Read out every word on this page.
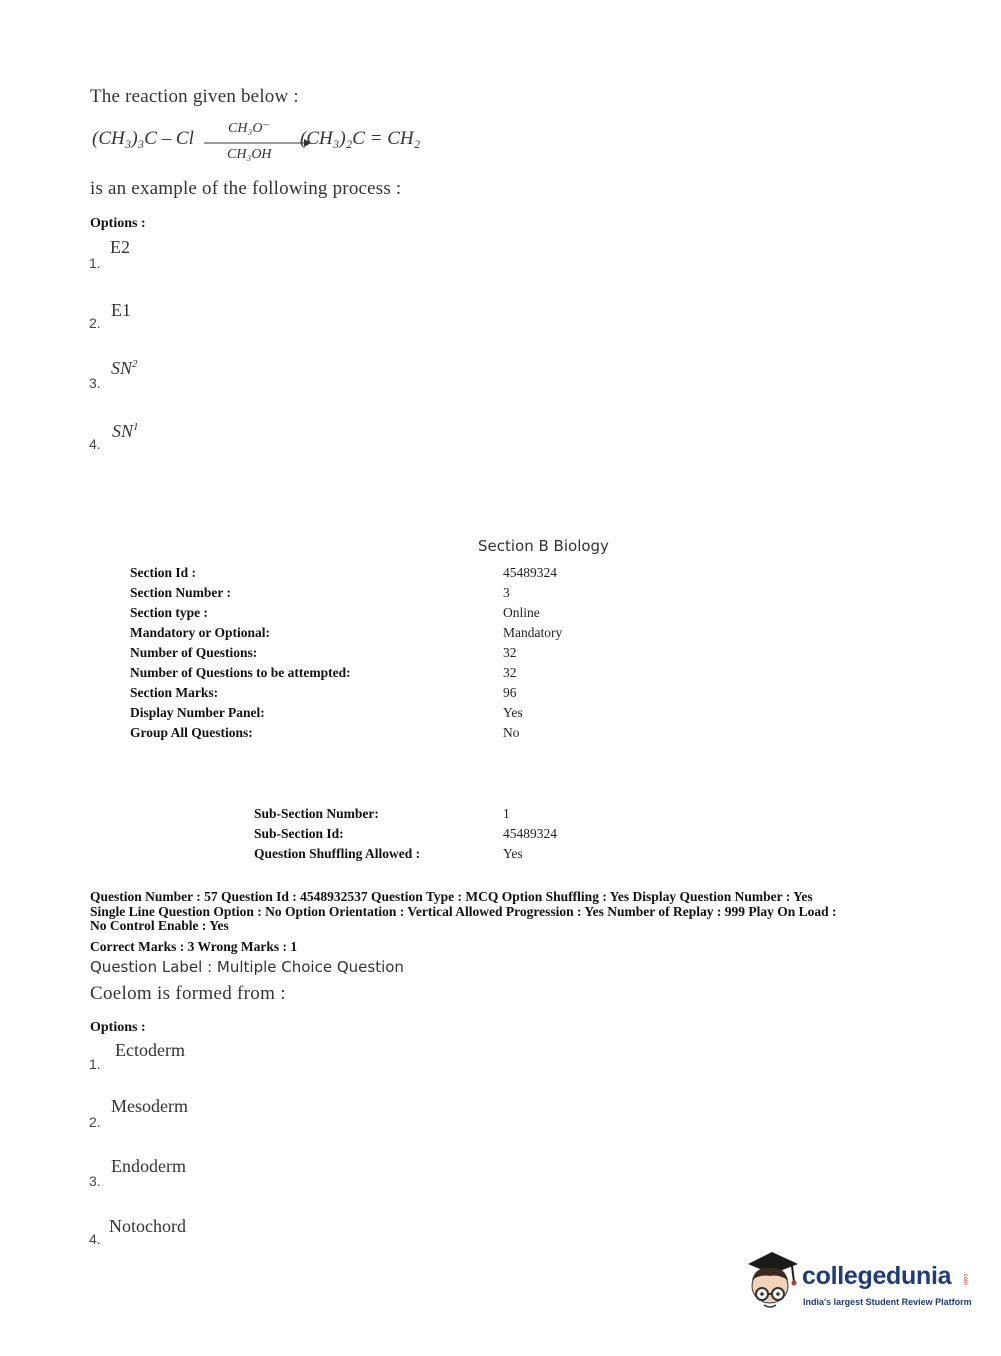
The reaction given below :
(CH₃)₃C – Cl CH₃O⁻
CH₃OH
(CH₃)₂C = CH₂
is an example of the following process :
Options :
1.
E2
2.
E1
3.
$SN^2$
4.
$SN^1$
Section B Biology
Section Id :	45489324
Section Number :	3
Section type :	Online
Mandatory or Optional:	Mandatory
Number of Questions:	32
Number of Questions to be attempted:	32
Section Marks:	96
Display Number Panel:	Yes
Group All Questions:	No
Sub-Section Number:	1
Sub-Section Id:	45489324
Question Shuffling Allowed :	Yes
Question Number : 57 Question Id : 4548932537 Question Type : MCQ Option Shuffling : Yes Display Question Number : Yes
Single Line Question Option : No Option Orientation : Vertical Allowed Progression : Yes Number of Replay : 999 Play On Load :
No Control Enable : Yes
Correct Marks : 3 Wrong Marks : 1
Question Label : Multiple Choice Question
Coelom is formed from :
Options :
1.
Ectoderm
2.
Mesoderm
3.
Endoderm
4.
Notochord
collegedunia .com
India's largest Student Review Platform
